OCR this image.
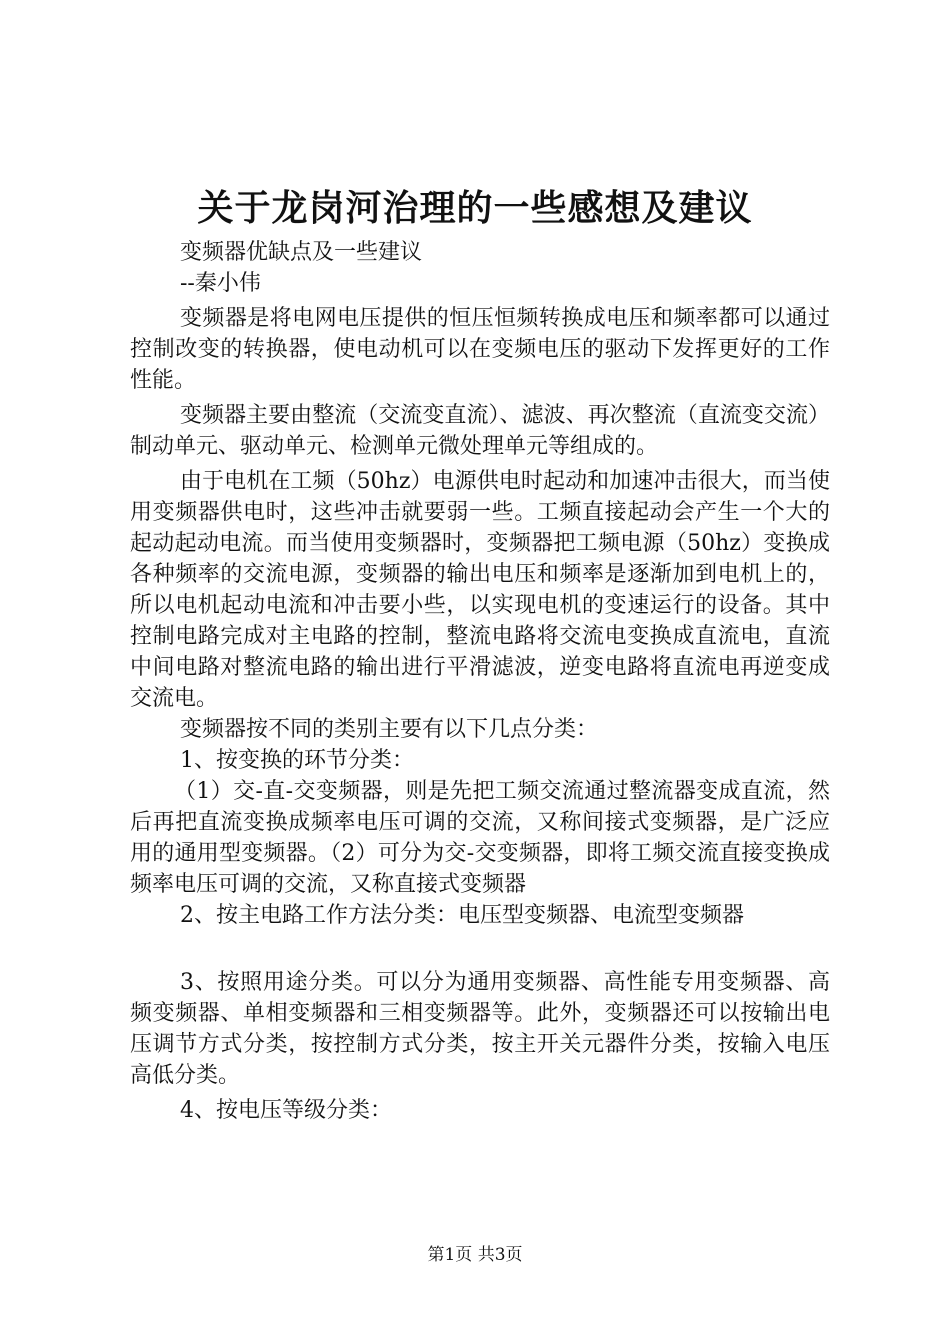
关于龙岗河治理的一些感想及建议

变频器优缺点及一些建议

--秦小伟

变频器是将电网电压提供的恒压恒频转换成电压和频率都可以通过控制改变的转换器，使电动机可以在变频电压的驱动下发挥更好的工作性能。

变频器主要由整流（交流变直流）、滤波、再次整流（直流变交流）制动单元、驱动单元、检测单元微处理单元等组成的。

由于电机在工频（50hz）电源供电时起动和加速冲击很大，而当使用变频器供电时，这些冲击就要弱一些。工频直接起动会产生一个大的起动起动电流。而当使用变频器时，变频器把工频电源（50hz）变换成各种频率的交流电源，变频器的输出电压和频率是逐渐加到电机上的，所以电机起动电流和冲击要小些，以实现电机的变速运行的设备。其中控制电路完成对主电路的控制，整流电路将交流电变换成直流电，直流中间电路对整流电路的输出进行平滑滤波，逆变电路将直流电再逆变成交流电。

变频器按不同的类别主要有以下几点分类：

1、按变换的环节分类：

（1）交-直-交变频器，则是先把工频交流通过整流器变成直流，然后再把直流变换成频率电压可调的交流，又称间接式变频器，是广泛应用的通用型变频器。（2）可分为交-交变频器，即将工频交流直接变换成频率电压可调的交流，又称直接式变频器

2、按主电路工作方法分类：电压型变频器、电流型变频器

3、按照用途分类。可以分为通用变频器、高性能专用变频器、高频变频器、单相变频器和三相变频器等。此外，变频器还可以按输出电压调节方式分类，按控制方式分类，按主开关元器件分类，按输入电压高低分类。

4、按电压等级分类：

第1页 共3页
